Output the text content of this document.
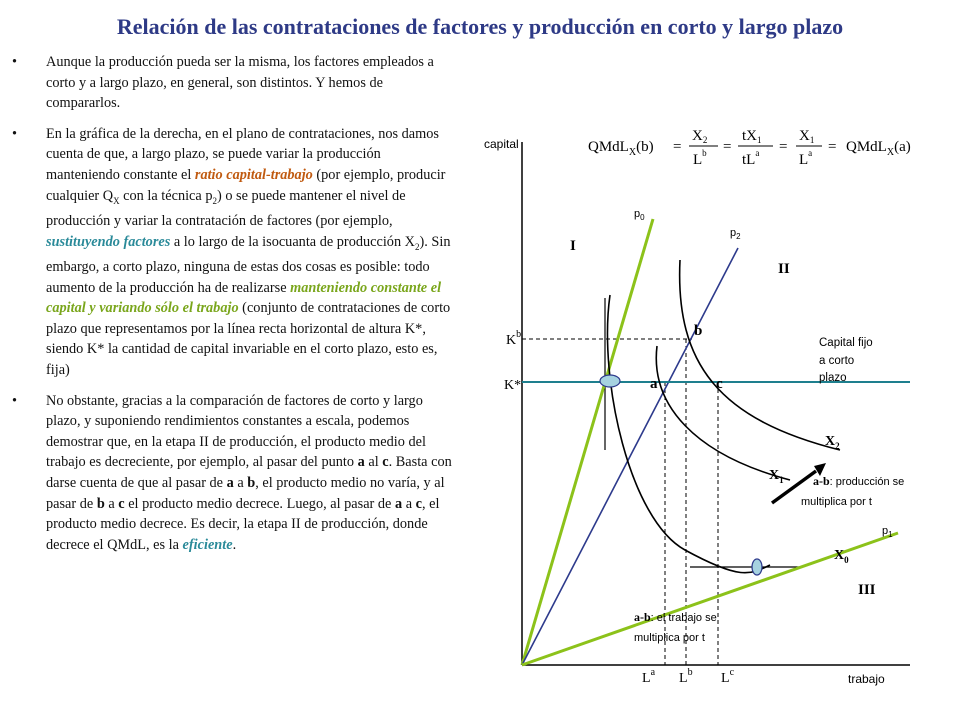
Relación de las contrataciones de factores y producción en corto y largo plazo
• Aunque la producción pueda ser la misma, los factores empleados a corto y a largo plazo, en general, son distintos. Y hemos de compararlos.
• En la gráfica de la derecha, en el plano de contrataciones, nos damos cuenta de que, a largo plazo, se puede variar la producción manteniendo constante el ratio capital-trabajo (por ejemplo, producir cualquier $Q_X$ con la técnica $p_2$) o se puede mantener el nivel de producción y variar la contratación de factores (por ejemplo, sustituyendo factores a lo largo de la isocuanta de producción $X_2$). Sin embargo, a corto plazo, ninguna de estas dos cosas es posible: todo aumento de la producción ha de realizarse manteniendo constante el capital y variando sólo el trabajo (conjunto de contrataciones de corto plazo que representamos por la línea recta horizontal de altura K*, siendo K* la cantidad de capital invariable en el corto plazo, esto es, fija)
• No obstante, gracias a la comparación de factores de corto y largo plazo, y suponiendo rendimientos constantes a escala, podemos demostrar que, en la etapa II de producción, el producto medio del trabajo es decreciente, por ejemplo, al pasar del punto a al c. Basta con darse cuenta de que al pasar de a a b, el producto medio no varía, y al pasar de b a c el producto medio decrece. Luego, al pasar de a a c, el producto medio decrece. Es decir, la etapa II de producción, donde decrece el QMdL, es la eficiente.
capital
trabajo
QMdL$_X$(b) =
$X_2$
$L^b$ =
$tX_1$
$tL^a$ =
$X_1$
$L^a$ = QMdL$_X$(a)
$p_0$
$p_2$
$p_1$
I
II
III
$X_2$
$X_1$
$X_0$
a
b
c
$K^b$
K*
$L^a$ $L^b$ $L^c$
Capital fijo
a corto
plazo
a-b: producción se
multiplica por t
a-b: el trabajo se
multiplica por t
